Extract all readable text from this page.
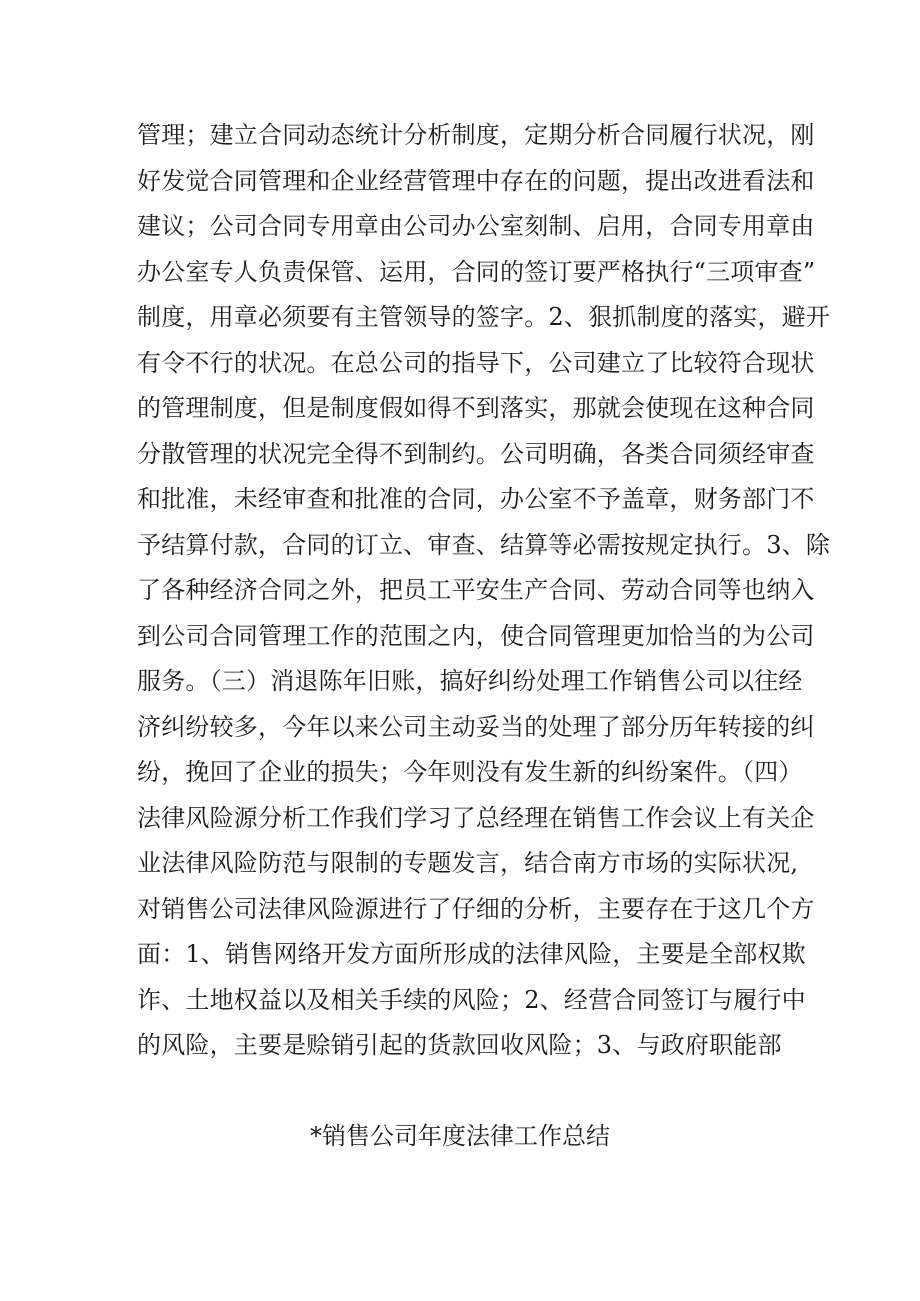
管理；建立合同动态统计分析制度，定期分析合同履行状况，刚
好发觉合同管理和企业经营管理中存在的问题，提出改进看法和
建议；公司合同专用章由公司办公室刻制、启用，合同专用章由
办公室专人负责保管、运用，合同的签订要严格执行“三项审查”
制度，用章必须要有主管领导的签字。2、狠抓制度的落实，避开
有令不行的状况。在总公司的指导下，公司建立了比较符合现状
的管理制度，但是制度假如得不到落实，那就会使现在这种合同
分散管理的状况完全得不到制约。公司明确，各类合同须经审查
和批准，未经审查和批准的合同，办公室不予盖章，财务部门不
予结算付款，合同的订立、审查、结算等必需按规定执行。3、除
了各种经济合同之外，把员工平安生产合同、劳动合同等也纳入
到公司合同管理工作的范围之内，使合同管理更加恰当的为公司
服务。（三）消退陈年旧账，搞好纠纷处理工作销售公司以往经
济纠纷较多，今年以来公司主动妥当的处理了部分历年转接的纠
纷，挽回了企业的损失；今年则没有发生新的纠纷案件。（四）
法律风险源分析工作我们学习了总经理在销售工作会议上有关企
业法律风险防范与限制的专题发言，结合南方市场的实际状况,
对销售公司法律风险源进行了仔细的分析，主要存在于这几个方
面：1、销售网络开发方面所形成的法律风险，主要是全部权欺
诈、土地权益以及相关手续的风险；2、经营合同签订与履行中
的风险，主要是赊销引起的货款回收风险；3、与政府职能部
*销售公司年度法律工作总结
